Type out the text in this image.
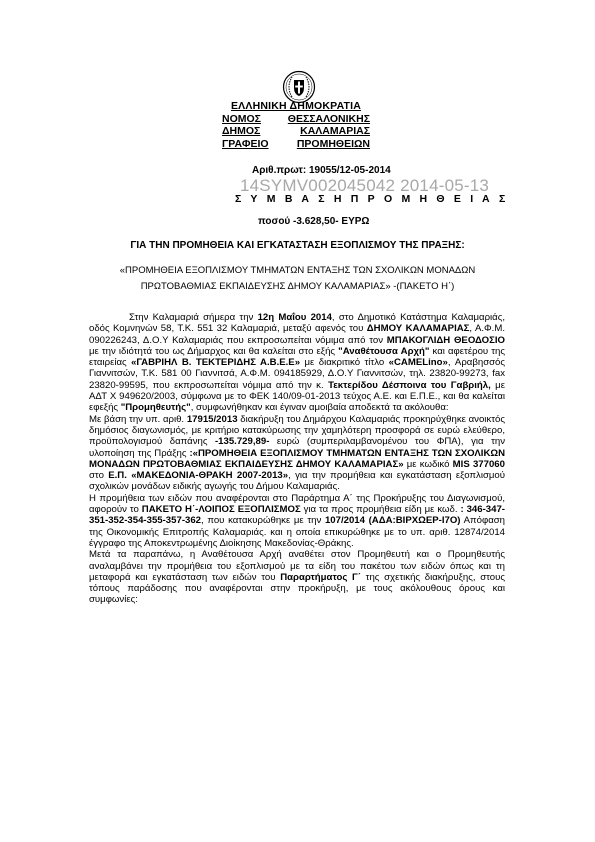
ΕΛΛΗΝΙΚΗ ΔΗΜΟΚΡΑΤΙΑ
ΝΟΜΟΣ	ΘΕΣΣΑΛΟΝΙΚΗΣ
ΔΗΜΟΣ	ΚΑΛΑΜΑΡΙΑΣ
ΓΡΑΦΕΙΟ	ΠΡΟΜΗΘΕΙΩΝ
Αριθ.πρωτ: 19055/12-05-2014
14SYMV002045042 2014-05-13
Σ Υ Μ Β Α Σ Η Π Ρ Ο Μ Η Θ Ε Ι Α Σ
ποσού -3.628,50- ΕΥΡΩ
ΓΙΑ ΤΗΝ ΠΡΟΜΗΘΕΙΑ ΚΑΙ ΕΓΚΑΤΑΣΤΑΣΗ ΕΞΟΠΛΙΣΜΟΥ ΤΗΣ ΠΡΑΞΗΣ:
«ΠΡΟΜΗΘΕΙΑ ΕΞΟΠΛΙΣΜΟΥ ΤΜΗΜΑΤΩΝ ΕΝΤΑΞΗΣ ΤΩΝ ΣΧΟΛΙΚΩΝ ΜΟΝΑΔΩΝ
ΠΡΩΤΟΒΑΘΜΙΑΣ ΕΚΠΑΙΔΕΥΣΗΣ ΔΗΜΟΥ ΚΑΛΑΜΑΡΙΑΣ» -(ΠΑΚΕΤΟ Η΄)

Στην Καλαμαριά σήμερα την 12η Μαΐου 2014, στο Δημοτικό Κατάστημα Καλαμαριάς, οδός Κομνηνών 58, Τ.Κ. 551 32 Καλαμαριά, μεταξύ αφενός του ΔΗΜΟΥ ΚΑΛΑΜΑΡΙΑΣ, Α.Φ.Μ. 090226243, Δ.Ο.Υ Καλαμαριάς που εκπροσωπείται νόμιμα από τον ΜΠΑΚΟΓΛΙΔΗ ΘΕΟΔΟΣΙΟ με την ιδιότητά του ως Δήμαρχος και θα καλείται στο εξής "Αναθέτουσα Αρχή" και αφετέρου της εταιρείας «ΓΑΒΡΙΗΛ Β. ΤΕΚΤΕΡΙΔΗΣ Α.Β.Ε.Ε» με διακριτικό τίτλο «CAMELino», Αραβησσός Γιαννιτσών, Τ.Κ. 581 00 Γιαννιτσά, Α.Φ.Μ. 094185929, Δ.Ο.Υ Γιαννιτσών, τηλ. 23820-99273, fax 23820-99595, που εκπροσωπείται νόμιμα από την κ. Τεκτερίδου Δέσποινα του Γαβριήλ, με ΑΔΤ Χ 949620/2003, σύμφωνα με το ΦΕΚ 140/09-01-2013 τεύχος Α.Ε. και Ε.Π.Ε., και θα καλείται εφεξής "Προμηθευτής", συμφωνήθηκαν και έγιναν αμοιβαία αποδεκτά τα ακόλουθα:

Με βάση την υπ. αριθ. 17915/2013 διακήρυξη του Δημάρχου Καλαμαριάς προκηρύχθηκε ανοικτός δημόσιος διαγωνισμός, με κριτήριο κατακύρωσης την χαμηλότερη προσφορά σε ευρώ ελεύθερο, προϋπολογισμού δαπάνης -135.729,89- ευρώ (συμπεριλαμβανομένου του ΦΠΑ), για την υλοποίηση της Πράξης :«ΠΡΟΜΗΘΕΙΑ ΕΞΟΠΛΙΣΜΟΥ ΤΜΗΜΑΤΩΝ ΕΝΤΑΞΗΣ ΤΩΝ ΣΧΟΛΙΚΩΝ ΜΟΝΑΔΩΝ ΠΡΩΤΟΒΑΘΜΙΑΣ ΕΚΠΑΙΔΕΥΣΗΣ ΔΗΜΟΥ ΚΑΛΑΜΑΡΙΑΣ» με κωδικό MIS 377060 στο Ε.Π. «ΜΑΚΕΔΟΝΙΑ-ΘΡΑΚΗ 2007-2013», για την προμήθεια και εγκατάσταση εξοπλισμού σχολικών μονάδων ειδικής αγωγής του Δήμου Καλαμαριάς.

Η προμήθεια των ειδών που αναφέρονται στο Παράρτημα Α΄ της Προκήρυξης του Διαγωνισμού, αφορούν το ΠΑΚΕΤΟ Η΄-ΛΟΙΠΟΣ ΕΞΟΠΛΙΣΜΟΣ για τα προς προμήθεια είδη με κωδ. : 346-347-351-352-354-355-357-362, που κατακυρώθηκε με την 107/2014 (ΑΔΑ:ΒΙΡΧΩΕΡ-Ι7Ο) Απόφαση της Οικονομικής Επιτροπής Καλαμαριάς. και η οποία επικυρώθηκε με το υπ. αριθ. 12874/2014 έγγραφο της Αποκεντρωμένης Διοίκησης Μακεδονίας-Θράκης.

Μετά τα παραπάνω, η Αναθέτουσα Αρχή αναθέτει στον Προμηθευτή και ο Προμηθευτής αναλαμβάνει την προμήθεια του εξοπλισμού με τα είδη του πακέτου των ειδών όπως και τη μεταφορά και εγκατάσταση των ειδών του Παραρτήματος Γ΄ της σχετικής διακήρυξης, στους τόπους παράδοσης που αναφέρονται στην προκήρυξη, με τους ακόλουθους όρους και συμφωνίες:
